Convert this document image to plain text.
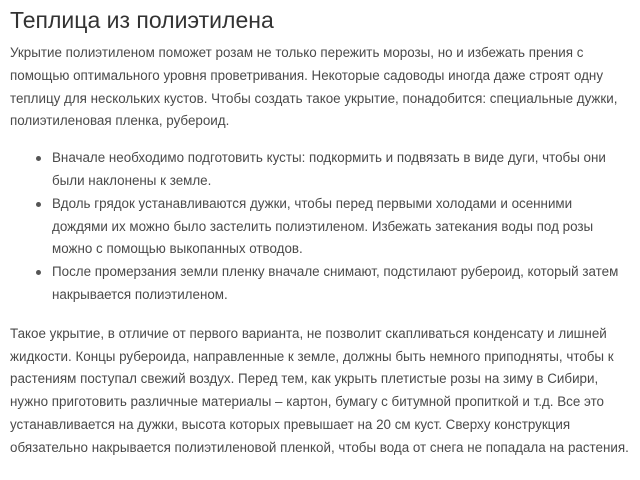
Теплица из полиэтилена

Укрытие полиэтиленом поможет розам не только пережить морозы, но и избежать прения с помощью оптимального уровня проветривания. Некоторые садоводы иногда даже строят одну теплицу для нескольких кустов. Чтобы создать такое укрытие, понадобится: специальные дужки, полиэтиленовая пленка, рубероид.

Вначале необходимо подготовить кусты: подкормить и подвязать в виде дуги, чтобы они были наклонены к земле.
Вдоль грядок устанавливаются дужки, чтобы перед первыми холодами и осенними дождями их можно было застелить полиэтиленом. Избежать затекания воды под розы можно с помощью выкопанных отводов.
После промерзания земли пленку вначале снимают, подстилают рубероид, который затем накрывается полиэтиленом.

Такое укрытие, в отличие от первого варианта, не позволит скапливаться конденсату и лишней жидкости. Концы рубероида, направленные к земле, должны быть немного приподняты, чтобы к растениям поступал свежий воздух. Перед тем, как укрыть плетистые розы на зиму в Сибири, нужно приготовить различные материалы – картон, бумагу с битумной пропиткой и т.д. Все это устанавливается на дужки, высота которых превышает на 20 см куст. Сверху конструкция обязательно накрывается полиэтиленовой пленкой, чтобы вода от снега не попадала на растения.
